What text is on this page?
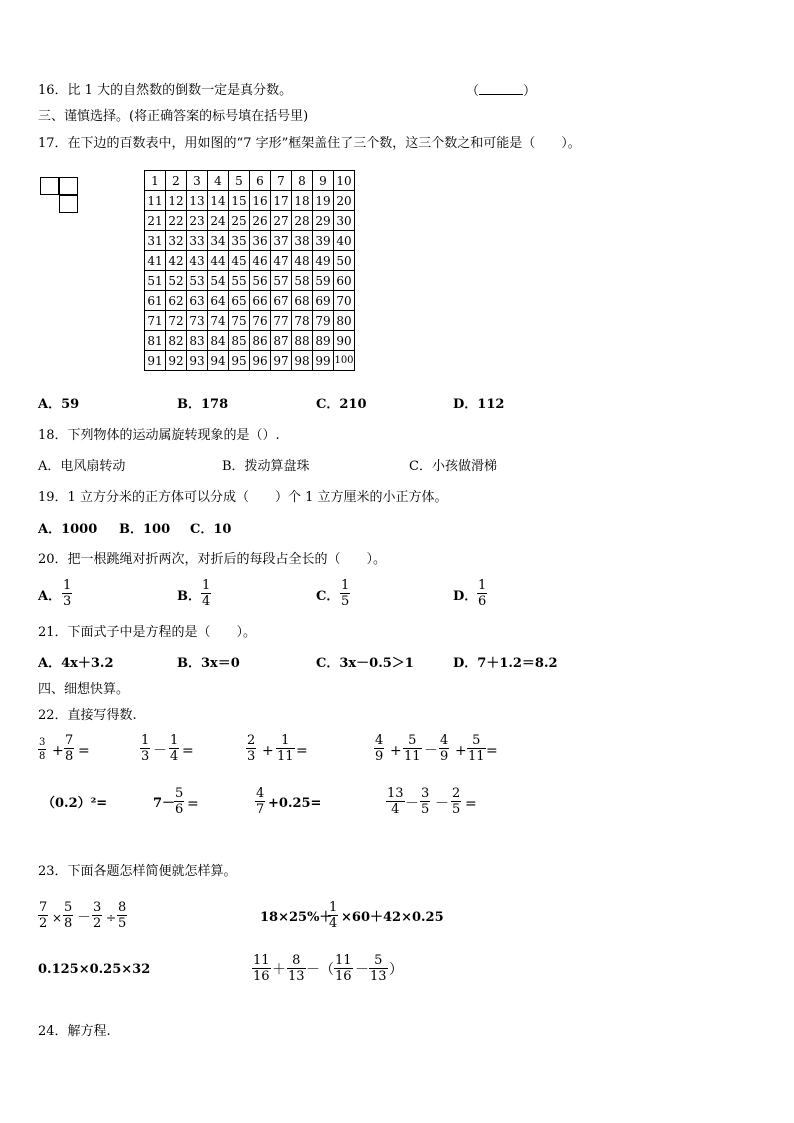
16．比 1 大的自然数的倒数一定是真分数。	（	）
三、谨慎选择。(将正确答案的标号填在括号里)
17．在下边的百数表中，用如图的“7 字形”框架盖住了三个数，这三个数之和可能是（　　）。
1	2	3	4	5	6	7	8	9	10
11	12	13	14	15	16	17	18	19	20
21	22	23	24	25	26	27	28	29	30
31	32	33	34	35	36	37	38	39	40
41	42	43	44	45	46	47	48	49	50
51	52	53	54	55	56	57	58	59	60
61	62	63	64	65	66	67	68	69	70
71	72	73	74	75	76	77	78	79	80
81	82	83	84	85	86	87	88	89	90
91	92	93	94	95	96	97	98	99	100
A．59	B．178	C．210	D．112
18．下列物体的运动属旋转现象的是（）.
A．电风扇转动	B．拨动算盘珠	C．小孩做滑梯
19．1 立方分米的正方体可以分成（　　）个 1 立方厘米的小正方体。
A．1000 B．100 C．10
20．把一根跳绳对折两次，对折后的每段占全长的（　　）。
A． $\frac{1}{3}$	B． $\frac{1}{4}$	C． $\frac{1}{5}$	D． $\frac{1}{6}$
21．下面式子中是方程的是（　　）。
A．4x＋3.2	B．3x＝0	C．3x－0.5＞1	D．7＋1.2＝8.2
四、细想快算。
22．直接写得数.
$\frac{3}{8} + \frac{7}{8}$ =	$\frac{1}{3} - \frac{1}{4}$ =	$\frac{2}{3} + \frac{1}{11}$ =	$\frac{4}{9} + \frac{5}{11} - \frac{4}{9} + \frac{5}{11}$ =
（0.2）²=	7－
$\frac{5}{6}$ =	$\frac{4}{7} +0.25=$	$\frac{13}{4} - \frac{3}{5} - \frac{2}{5}$ =
23．下面各题怎样简便就怎样算。
$\frac{7}{2} \times \frac{5}{8} - \frac{3}{2} \div \frac{8}{5}$	18×25%＋
$\frac{1}{4} \times 60+42\times 0.25$
0.125×0.25×32	$\frac{11}{16} + \frac{8}{13}$ －（ $\frac{11}{16} - \frac{5}{13}$ ）
24．解方程.
